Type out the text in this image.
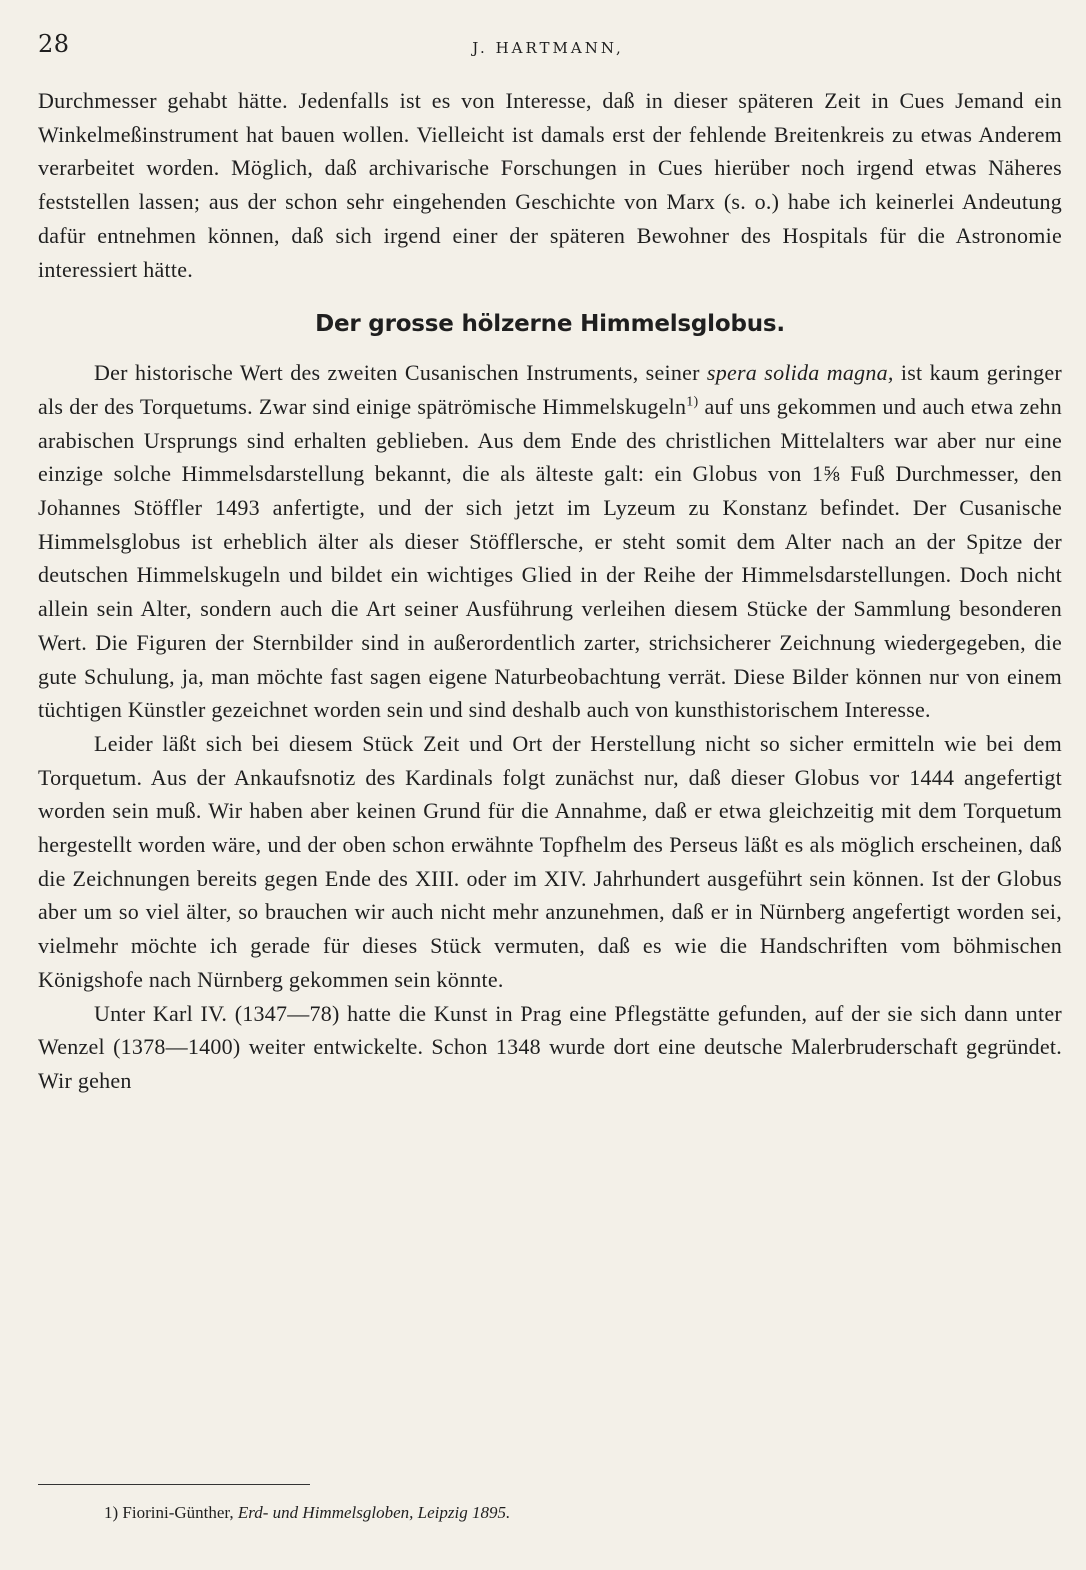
28	J. HARTMANN,

Durchmesser gehabt hätte. Jedenfalls ist es von Interesse, daß in dieser späteren Zeit in Cues Jemand ein Winkelmeßinstrument hat bauen wollen. Vielleicht ist damals erst der fehlende Breitenkreis zu etwas Anderem verarbeitet worden. Möglich, daß archivarische Forschungen in Cues hierüber noch irgend etwas Näheres feststellen lassen; aus der schon sehr eingehenden Geschichte von Marx (s. o.) habe ich keinerlei Andeutung dafür entnehmen können, daß sich irgend einer der späteren Bewohner des Hospitals für die Astronomie interessiert hätte.

Der grosse hölzerne Himmelsglobus.

Der historische Wert des zweiten Cusanischen Instruments, seiner spera solida magna, ist kaum geringer als der des Torquetums. Zwar sind einige spätrömische Himmelskugeln$^{1)}$ auf uns gekommen und auch etwa zehn arabischen Ursprungs sind erhalten geblieben. Aus dem Ende des christlichen Mittelalters war aber nur eine einzige solche Himmelsdarstellung bekannt, die als älteste galt: ein Globus von 1⅝ Fuß Durchmesser, den Johannes Stöffler 1493 anfertigte, und der sich jetzt im Lyzeum zu Konstanz befindet. Der Cusanische Himmelsglobus ist erheblich älter als dieser Stöfflersche, er steht somit dem Alter nach an der Spitze der deutschen Himmelskugeln und bildet ein wichtiges Glied in der Reihe der Himmelsdarstellungen. Doch nicht allein sein Alter, sondern auch die Art seiner Ausführung verleihen diesem Stücke der Sammlung besonderen Wert. Die Figuren der Sternbilder sind in außerordentlich zarter, strichsicherer Zeichnung wiedergegeben, die gute Schulung, ja, man möchte fast sagen eigene Naturbeobachtung verrät. Diese Bilder können nur von einem tüchtigen Künstler gezeichnet worden sein und sind deshalb auch von kunsthistorischem Interesse.

Leider läßt sich bei diesem Stück Zeit und Ort der Herstellung nicht so sicher ermitteln wie bei dem Torquetum. Aus der Ankaufsnotiz des Kardinals folgt zunächst nur, daß dieser Globus vor 1444 angefertigt worden sein muß. Wir haben aber keinen Grund für die Annahme, daß er etwa gleichzeitig mit dem Torquetum hergestellt worden wäre, und der oben schon erwähnte Topfhelm des Perseus läßt es als möglich erscheinen, daß die Zeichnungen bereits gegen Ende des XIII. oder im XIV. Jahrhundert ausgeführt sein können. Ist der Globus aber um so viel älter, so brauchen wir auch nicht mehr anzunehmen, daß er in Nürnberg angefertigt worden sei, vielmehr möchte ich gerade für dieses Stück vermuten, daß es wie die Handschriften vom böhmischen Königshofe nach Nürnberg gekommen sein könnte.

Unter Karl IV. (1347—78) hatte die Kunst in Prag eine Pflegstätte gefunden, auf der sie sich dann unter Wenzel (1378—1400) weiter entwickelte. Schon 1348 wurde dort eine deutsche Malerbruderschaft gegründet. Wir gehen

1) Fiorini-Günther, Erd- und Himmelsgloben, Leipzig 1895.
